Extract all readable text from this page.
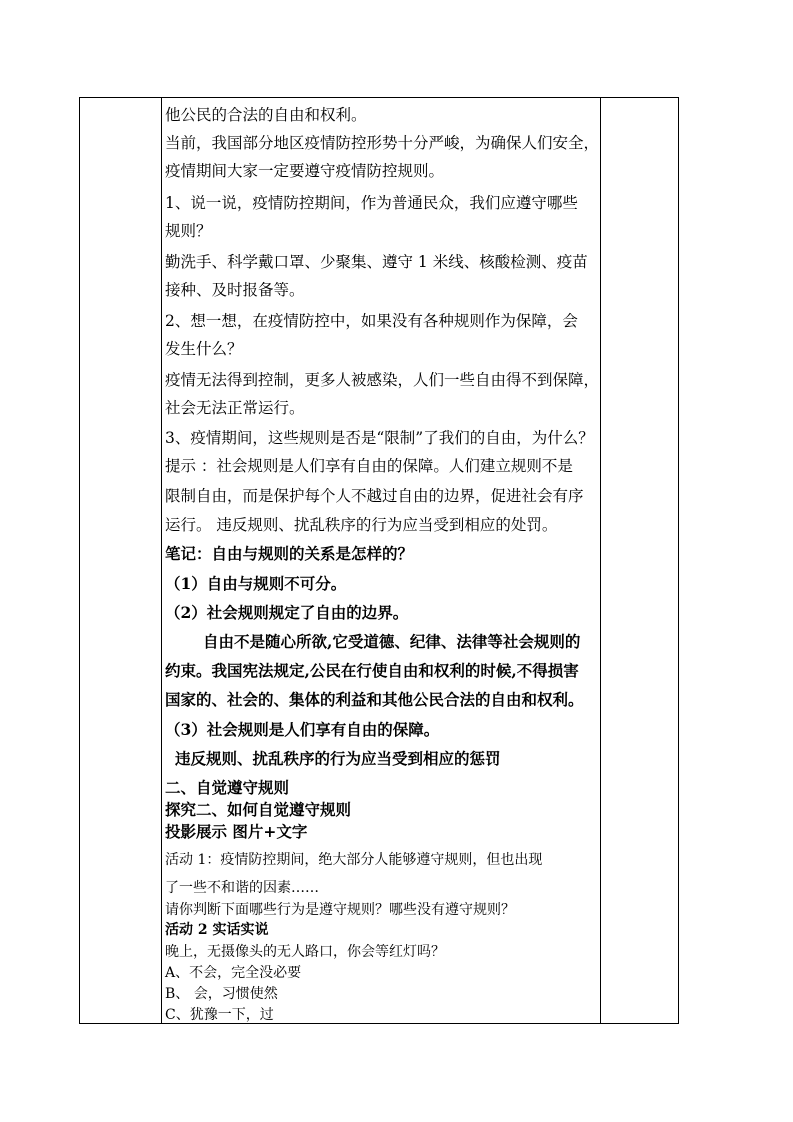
他公民的合法的自由和权利。
当前，我国部分地区疫情防控形势十分严峻，为确保人们安全，
疫情期间大家一定要遵守疫情防控规则。
1、说一说，疫情防控期间，作为普通民众，我们应遵守哪些
规则？
勤洗手、科学戴口罩、少聚集、遵守 1 米线、核酸检测、疫苗
接种、及时报备等。
2、想一想，在疫情防控中，如果没有各种规则作为保障，会
发生什么？
疫情无法得到控制，更多人被感染，人们一些自由得不到保障，
社会无法正常运行。
3、疫情期间，这些规则是否是“限制”了我们的自由，为什么？
提示 ：社会规则是人们享有自由的保障。人们建立规则不是
限制自由，而是保护每个人不越过自由的边界，促进社会有序
运行。 违反规则、扰乱秩序的行为应当受到相应的处罚。
笔记：自由与规则的关系是怎样的？
（1）自由与规则不可分。
（2）社会规则规定了自由的边界。
自由不是随心所欲,它受道德、纪律、法律等社会规则的
约束。我国宪法规定,公民在行使自由和权利的时候,不得损害
国家的、社会的、集体的利益和其他公民合法的自由和权利。
（3）社会规则是人们享有自由的保障。
违反规则、扰乱秩序的行为应当受到相应的惩罚
二、自觉遵守规则
探究二、如何自觉遵守规则
投影展示 图片+文字
活动 1：疫情防控期间，绝大部分人能够遵守规则，但也出现
了一些不和谐的因素……
请你判断下面哪些行为是遵守规则？哪些没有遵守规则？
活动 2 实话实说
晚上，无摄像头的无人路口，你会等红灯吗？
A、不会，完全没必要
B、 会，习惯使然
C、犹豫一下，过
